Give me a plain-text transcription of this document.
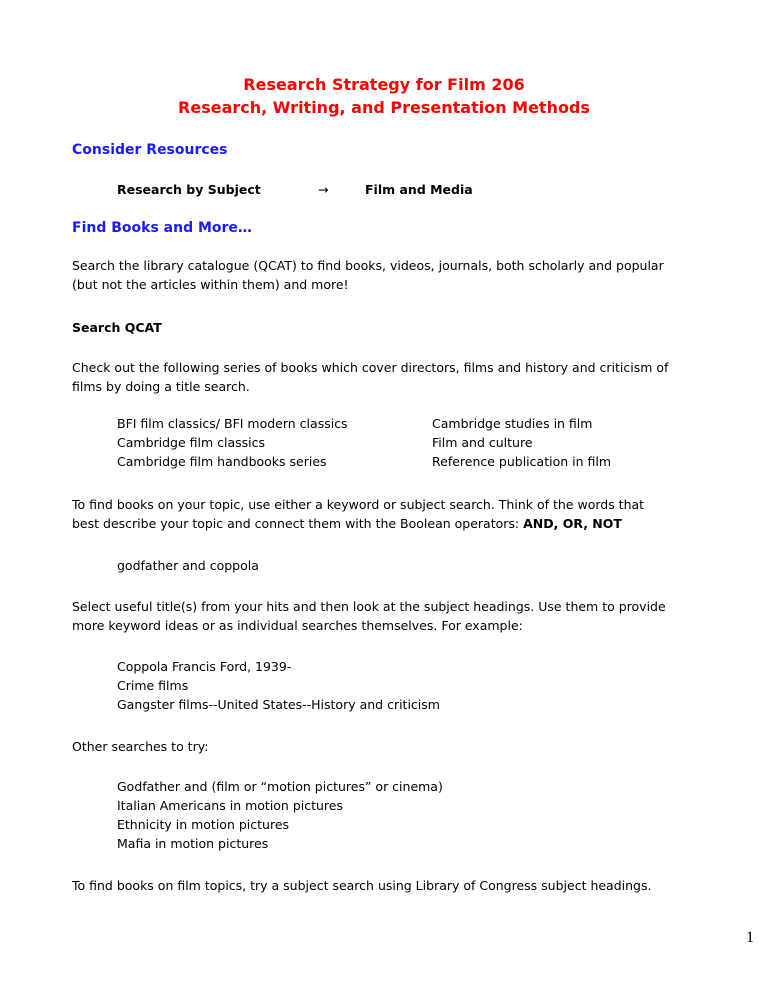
Research Strategy for Film 206
Research, Writing, and Presentation Methods
Consider Resources
Research by Subject	→	Film and Media
Find Books and More…
Search the library catalogue (QCAT) to find books, videos, journals, both scholarly and popular
(but not the articles within them) and more!
Search QCAT
Check out the following series of books which cover directors, films and history and criticism of
films by doing a title search.
BFI film classics/ BFI modern classics
Cambridge film classics
Cambridge film handbooks series
Cambridge studies in film
Film and culture
Reference publication in film
To find books on your topic, use either a keyword or subject search. Think of the words that
best describe your topic and connect them with the Boolean operators: AND, OR, NOT
godfather and coppola
Select useful title(s) from your hits and then look at the subject headings. Use them to provide
more keyword ideas or as individual searches themselves. For example:
Coppola Francis Ford, 1939-
Crime films
Gangster films--United States--History and criticism
Other searches to try:
Godfather and (film or “motion pictures” or cinema)
Italian Americans in motion pictures
Ethnicity in motion pictures
Mafia in motion pictures
To find books on film topics, try a subject search using Library of Congress subject headings.
1
